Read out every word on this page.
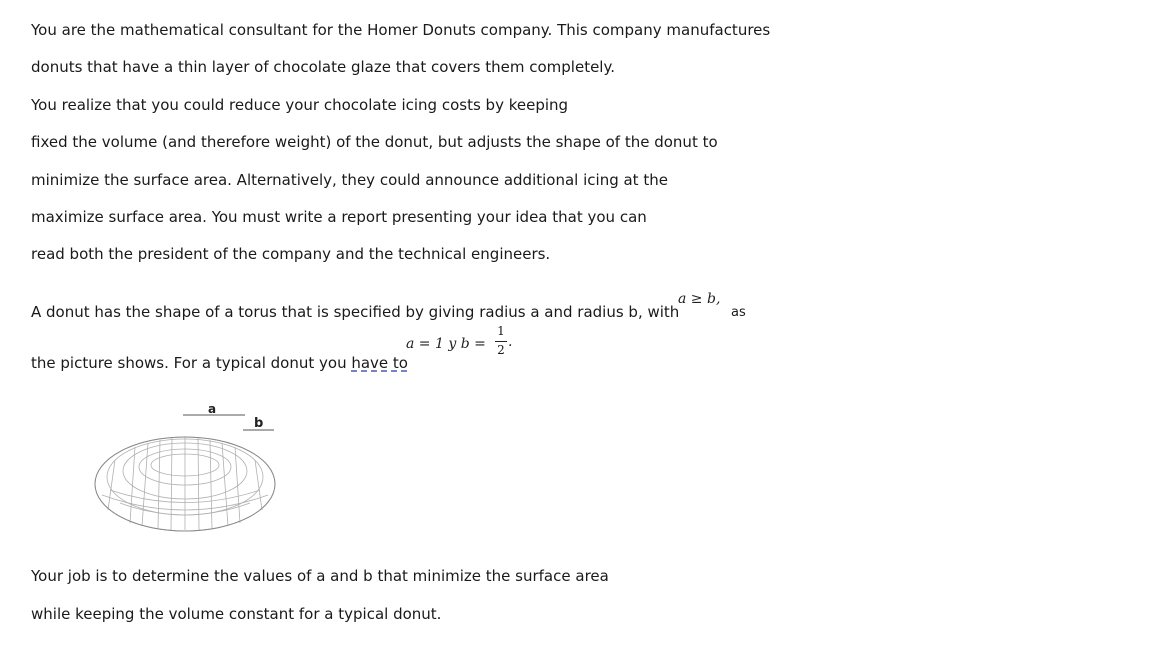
You are the mathematical consultant for the Homer Donuts company. This company manufactures
donuts that have a thin layer of chocolate glaze that covers them completely.
You realize that you could reduce your chocolate icing costs by keeping
fixed the volume (and therefore weight) of the donut, but adjusts the shape of the donut to
minimize the surface area. Alternatively, they could announce additional icing at the
maximize surface area. You must write a report presenting your idea that you can
read both the president of the company and the technical engineers.
A donut has the shape of a torus that is specified by giving radius a and radius b, with
a ≥ b,
as
the picture shows. For a typical donut you have to
a = 1 y b =
1
2 .
a
b
Your job is to determine the values of a and b that minimize the surface area
while keeping the volume constant for a typical donut.
